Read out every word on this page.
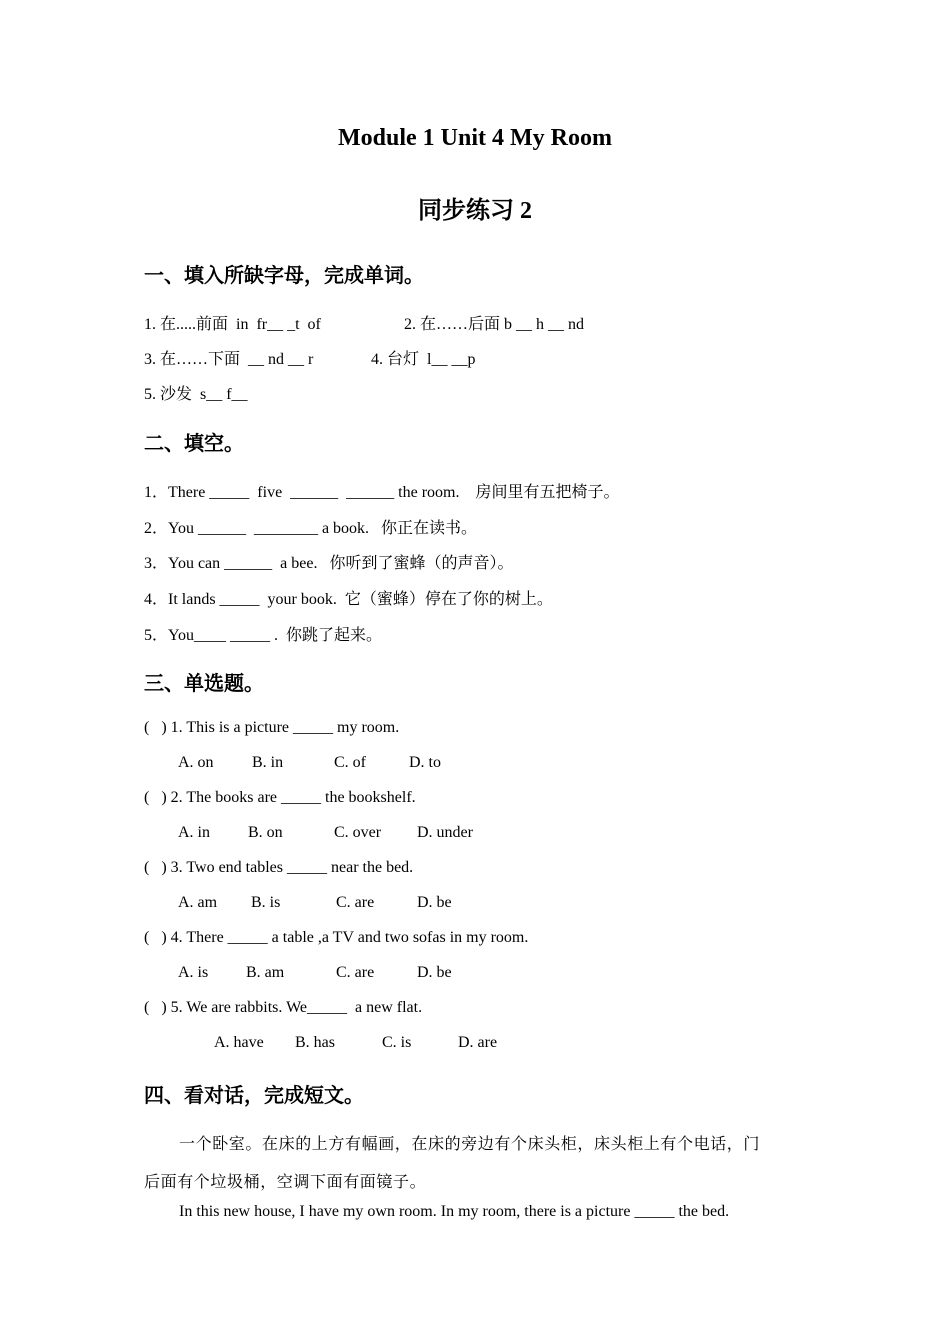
Module 1 Unit 4 My Room
同步练习 2
一、填入所缺字母，完成单词。
1. 在.....前面  in  fr__ _t  of	2. 在……后面 b __ h __ nd
3. 在……下面  __ nd __ r	4. 台灯  l__ __p
5. 沙发  s__ f__
二、填空。
1．There _____  five  ______  ______ the room.    房间里有五把椅子。
2．You ______  ________ a book.   你正在读书。
3．You can ______  a bee.   你听到了蜜蜂（的声音）。
4．It lands _____  your book.  它（蜜蜂）停在了你的树上。
5．You____ _____ .  你跳了起来。
三、单选题。
(   ) 1. This is a picture _____ my room.
A. on B. in	C. of	D. to
(   ) 2. The books are _____ the bookshelf.
A. in B. on	C. over D. under
(   ) 3. Two end tables _____ near the bed.
A. am B. is	C. are	D. be
(   ) 4. There _____ a table ,a TV and two sofas in my room.
A. is B. am	C. are	D. be
(   ) 5. We are rabbits. We_____  a new flat.
A. have B. has	C. is	D. are
四、看对话，完成短文。
一个卧室。在床的上方有幅画，在床的旁边有个床头柜，床头柜上有个电话，门
后面有个垃圾桶，空调下面有面镜子。
In this new house, I have my own room. In my room, there is a picture _____ the bed.
